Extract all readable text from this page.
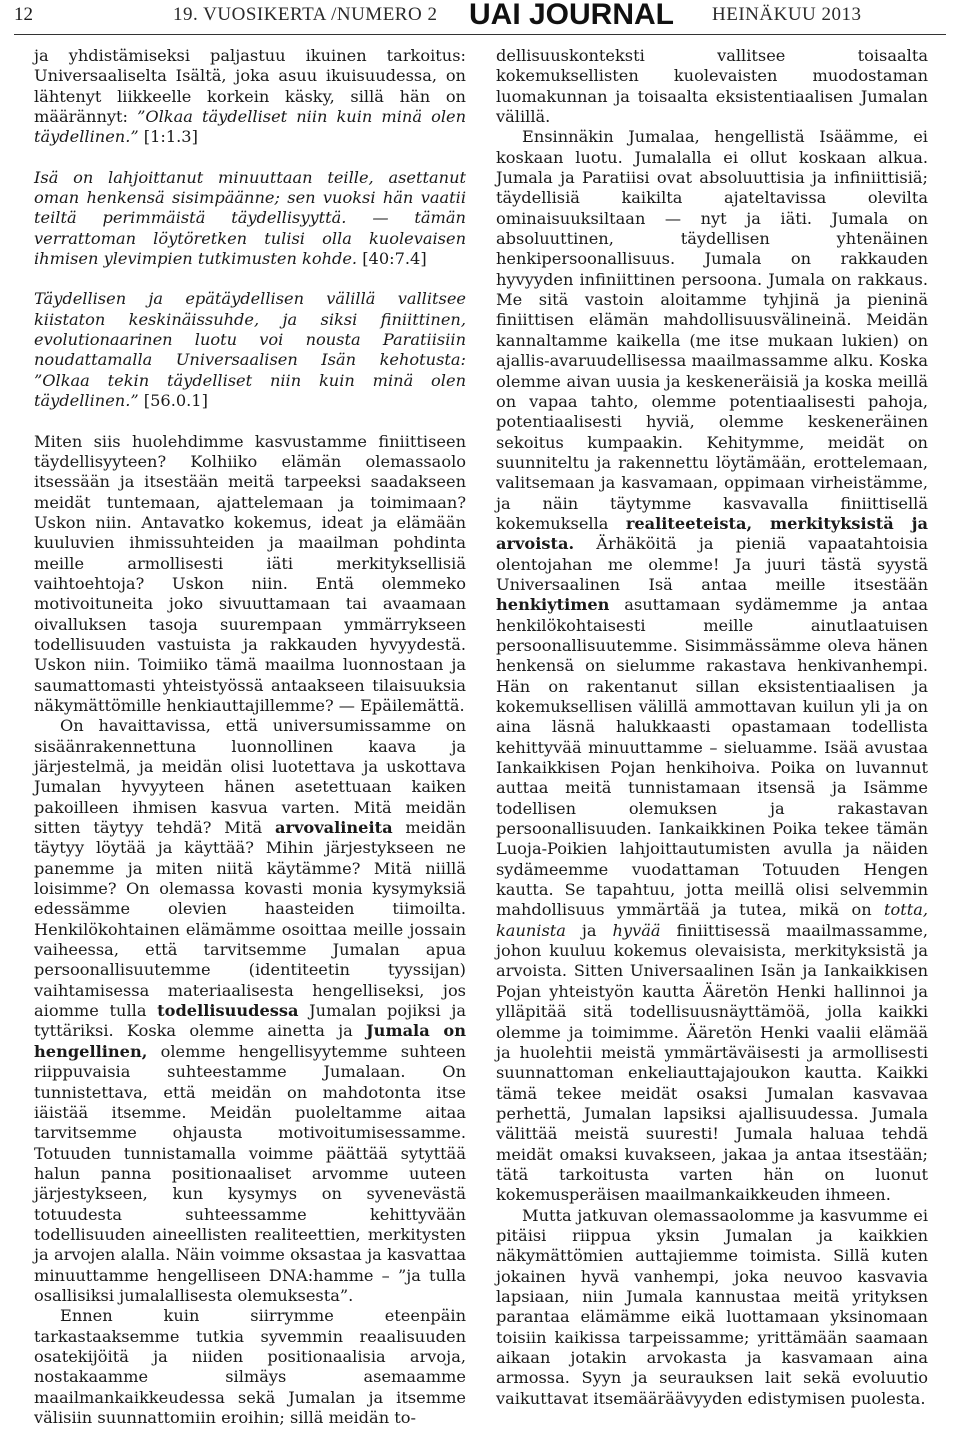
12	19. VUOSIKERTA /NUMERO 2 UAI JOURNAL HEINÄKUU 2013

ja yhdistämiseksi paljastuu ikuinen tarkoitus: Universaaliselta Isältä, joka asuu ikuisuudessa, on lähtenyt liikkeelle korkein käsky, sillä hän on määrännyt: ”Olkaa täydelliset niin kuin minä olen täydellinen.” [1:1.3]

Isä on lahjoittanut minuuttaan teille, asettanut oman henkensä sisimpäänne; sen vuoksi hän vaatii teiltä perimmäistä täydellisyyttä. — tämän verrattoman löytöretken tulisi olla kuolevaisen ihmisen ylevimpien tutkimusten kohde. [40:7.4]

Täydellisen ja epätäydellisen välillä vallitsee kiistaton keskinäissuhde, ja siksi finiittinen, evolutionaarinen luotu voi nousta Paratiisiin noudattamalla Universaalisen Isän kehotusta: ”Olkaa tekin täydelliset niin kuin minä olen täydellinen.” [56.0.1]

Miten siis huolehdimme kasvustamme finiittiseen täydellisyyteen? Kolhiiko elämän olemassaolo itsessään ja itsestään meitä tarpeeksi saadakseen meidät tuntemaan, ajattelemaan ja toimimaan? Uskon niin. Antavatko kokemus, ideat ja elämään kuuluvien ihmissuhteiden ja maailman pohdinta meille armollisesti iäti merkityksellisiä vaihtoehtoja? Uskon niin. Entä olemmeko motivoituneita joko sivuuttamaan tai avaamaan oivalluksen tasoja suurempaan ymmärrykseen todellisuuden vastuista ja rakkauden hyvyydestä. Uskon niin. Toimiiko tämä maailma luonnostaan ja saumattomasti yhteistyössä antaakseen tilaisuuksia näkymättömille henkiauttajillemme? — Epäilemättä.

On havaittavissa, että universumissamme on sisäänrakennettuna luonnollinen kaava ja järjestelmä, ja meidän olisi luotettava ja uskottava Jumalan hyvyyteen hänen asetettuaan kaiken pakoilleen ihmisen kasvua varten. Mitä meidän sitten täytyy tehdä? Mitä arvovalineita meidän täytyy löytää ja käyttää? Mihin järjestykseen ne panemme ja miten niitä käytämme? Mitä niillä loisimme? On olemassa kovasti monia kysymyksiä edessämme olevien haasteiden tiimoilta. Henkilökohtainen elämämme osoittaa meille jossain vaiheessa, että tarvitsemme Jumalan apua persoonallisuutemme (identiteetin tyyssijan) vaihtamisessa materiaalisesta hengelliseksi, jos aiomme tulla todellisuudessa Jumalan pojiksi ja tyttäriksi. Koska olemme ainetta ja Jumala on hengellinen, olemme hengellisyytemme suhteen riippuvaisia suhteestamme Jumalaan. On tunnistettava, että meidän on mahdotonta itse iäistää itsemme. Meidän puoleltamme aitaa tarvitsemme ohjausta motivoitumisessamme. Totuuden tunnistamalla voimme päättää sytyttää halun panna positionaaliset arvomme uuteen järjestykseen, kun kysymys on syvenevästä totuudesta suhteessamme kehittyvään todellisuuden aineellisten realiteettien, merkitysten ja arvojen alalla. Näin voimme oksastaa ja kasvattaa minuuttamme hengelliseen DNA:hamme – ”ja tulla osallisiksi jumalallisesta olemuksesta”.

Ennen kuin siirrymme eteenpäin tarkastaaksemme tutkia syvemmin reaalisuuden osatekijöitä ja niiden positionaalisia arvoja, nostakaamme silmäys asemaamme maailmankaikkeudessa sekä Jumalan ja itsemme välisiin suunnattomiin eroihin; sillä meidän to-

dellisuuskonteksti vallitsee toisaalta kokemuksellisten kuolevaisten muodostaman luomakunnan ja toisaalta eksistentiaalisen Jumalan välillä.

Ensinnäkin Jumalaa, hengellistä Isäämme, ei koskaan luotu. Jumalalla ei ollut koskaan alkua. Jumala ja Paratiisi ovat absoluuttisia ja infiniittisiä; täydellisiä kaikilta ajateltavissa olevilta ominaisuuksiltaan — nyt ja iäti. Jumala on absoluuttinen, täydellisen yhtenäinen henkipersoonallisuus. Jumala on rakkauden hyvyyden infiniittinen persoona. Jumala on rakkaus. Me sitä vastoin aloitamme tyhjinä ja pieninä finiittisen elämän mahdollisuusvälineinä. Meidän kannaltamme kaikella (me itse mukaan lukien) on ajallis-avaruudellisessa maailmassamme alku. Koska olemme aivan uusia ja keskeneräisiä ja koska meillä on vapaa tahto, olemme potentiaalisesti pahoja, potentiaalisesti hyviä, olemme keskeneräinen sekoitus kumpaakin. Kehitymme, meidät on suunniteltu ja rakennettu löytämään, erottelemaan, valitsemaan ja kasvamaan, oppimaan virheistämme, ja näin täytymme kasvavalla finiittisellä kokemuksella realiteeteista, merkityksistä ja arvoista. Ärhäköitä ja pieniä vapaatahtoisia olentojahan me olemme! Ja juuri tästä syystä Universaalinen Isä antaa meille itsestään henkiytimen asuttamaan sydämemme ja antaa henkilökohtaisesti meille ainutlaatuisen persoonallisuutemme. Sisimmässämme oleva hänen henkensä on sielumme rakastava henkivanhempi. Hän on rakentanut sillan eksistentiaalisen ja kokemuksellisen välillä ammottavan kuilun yli ja on aina läsnä halukkaasti opastamaan todellista kehittyvää minuuttamme – sieluamme. Isää avustaa Iankaikkisen Pojan henkihoiva. Poika on luvannut auttaa meitä tunnistamaan itsensä ja Isämme todellisen olemuksen ja rakastavan persoonallisuuden. Iankaikkinen Poika tekee tämän Luoja-Poikien lahjoittautumisten avulla ja näiden sydämeemme vuodattaman Totuuden Hengen kautta. Se tapahtuu, jotta meillä olisi selvemmin mahdollisuus ymmärtää ja tutea, mikä on totta, kaunista ja hyvää finiittisessä maailmassamme, johon kuuluu kokemus olevaisista, merkityksistä ja arvoista. Sitten Universaalinen Isän ja Iankaikkisen Pojan yhteistyön kautta Ääretön Henki hallinnoi ja ylläpitää sitä todellisuusnäyttämöä, jolla kaikki olemme ja toimimme. Ääretön Henki vaalii elämää ja huolehtii meistä ymmärtäväisesti ja armollisesti suunnattoman enkeliauttajajoukon kautta. Kaikki tämä tekee meidät osaksi Jumalan kasvavaa perhettä, Jumalan lapsiksi ajallisuudessa. Jumala välittää meistä suuresti! Jumala haluaa tehdä meidät omaksi kuvakseen, jakaa ja antaa itsestään; tätä tarkoitusta varten hän on luonut kokemusperäisen maailmankaikkeuden ihmeen.

Mutta jatkuvan olemassaolomme ja kasvumme ei pitäisi riippua yksin Jumalan ja kaikkien näkymättömien auttajiemme toimista. Sillä kuten jokainen hyvä vanhempi, joka neuvoo kasvavia lapsiaan, niin Jumala kannustaa meitä yrityksen parantaa elämämme eikä luottamaan yksinomaan toisiin kaikissa tarpeissamme; yrittämään saamaan aikaan jotakin arvokasta ja kasvamaan aina armossa. Syyn ja seurauksen lait sekä evoluutio vaikuttavat itsemääräävyyden edistymisen puolesta.
